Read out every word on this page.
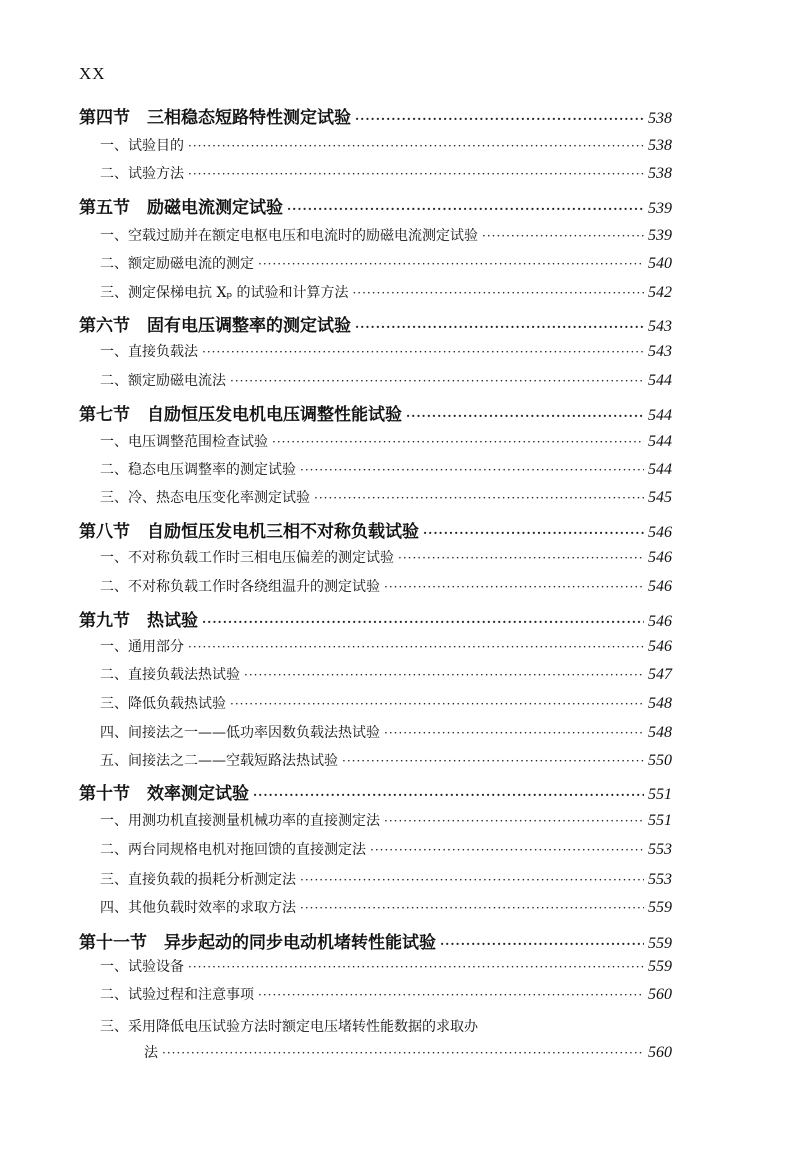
XX
第四节　三相稳态短路特性测定试验 ·····	538
一、试验目的 ·····	538
二、试验方法 ·····	538
第五节　励磁电流测定试验 ·····	539
一、空载过励并在额定电枢电压和电流时的励磁电流测定试验 ·····	539
二、额定励磁电流的测定 ·····	540
三、测定保梯电抗 Xₚ 的试验和计算方法 ·····	542
第六节　固有电压调整率的测定试验 ·····	543
一、直接负载法 ·····	543
二、额定励磁电流法 ·····	544
第七节　自励恒压发电机电压调整性能试验 ·····	544
一、电压调整范围检查试验 ·····	544
二、稳态电压调整率的测定试验 ·····	544
三、冷、热态电压变化率测定试验 ·····	545
第八节　自励恒压发电机三相不对称负载试验 ·····	546
一、不对称负载工作时三相电压偏差的测定试验 ·····	546
二、不对称负载工作时各绕组温升的测定试验 ·····	546
第九节　热试验 ·····	546
一、通用部分 ·····	546
二、直接负载法热试验 ·····	547
三、降低负载热试验 ·····	548
四、间接法之一——低功率因数负载法热试验 ·····	548
五、间接法之二——空载短路法热试验 ·····	550
第十节　效率测定试验 ·····	551
一、用测功机直接测量机械功率的直接测定法 ·····	551
二、两台同规格电机对拖回馈的直接测定法 ·····	553
三、直接负载的损耗分析测定法 ·····	553
四、其他负载时效率的求取方法 ·····	559
第十一节　异步起动的同步电动机堵转性能试验 ·····	559
一、试验设备 ·····	559
二、试验过程和注意事项 ·····	560
三、采用降低电压试验方法时额定电压堵转性能数据的求取办
法 ·····	560
